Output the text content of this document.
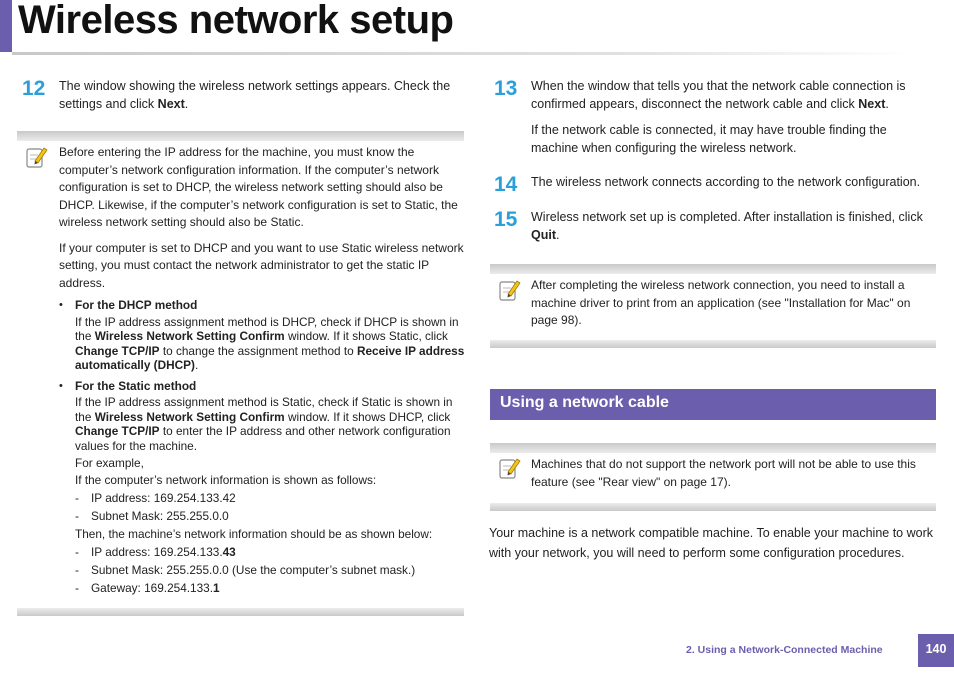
Wireless network setup
12 The window showing the wireless network settings appears. Check the settings and click Next.

Before entering the IP address for the machine, you must know the computer’s network configuration information. If the computer’s network configuration is set to DHCP, the wireless network setting should also be DHCP. Likewise, if the computer’s network configuration is set to Static, the wireless network setting should also be Static.

If your computer is set to DHCP and you want to use Static wireless network setting, you must contact the network administrator to get the static IP address.

• For the DHCP method
If the IP address assignment method is DHCP, check if DHCP is shown in the Wireless Network Setting Confirm window. If it shows Static, click Change TCP/IP to change the assignment method to Receive IP address automatically (DHCP).
• For the Static method
If the IP address assignment method is Static, check if Static is shown in the Wireless Network Setting Confirm window. If it shows DHCP, click Change TCP/IP to enter the IP address and other network configuration values for the machine.
For example,
If the computer’s network information is shown as follows:
- IP address: 169.254.133.42
- Subnet Mask: 255.255.0.0
Then, the machine’s network information should be as shown below:
- IP address: 169.254.133.43
- Subnet Mask: 255.255.0.0 (Use the computer’s subnet mask.)
- Gateway: 169.254.133.1
13 When the window that tells you that the network cable connection is confirmed appears, disconnect the network cable and click Next.
If the network cable is connected, it may have trouble finding the machine when configuring the wireless network.
14 The wireless network connects according to the network configuration.
15 Wireless network set up is completed. After installation is finished, click Quit.

After completing the wireless network connection, you need to install a machine driver to print from an application (see "Installation for Mac" on page 98).

Using a network cable

Machines that do not support the network port will not be able to use this feature (see "Rear view" on page 17).

Your machine is a network compatible machine. To enable your machine to work with your network, you will need to perform some configuration procedures.
2. Using a Network-Connected Machine	140
